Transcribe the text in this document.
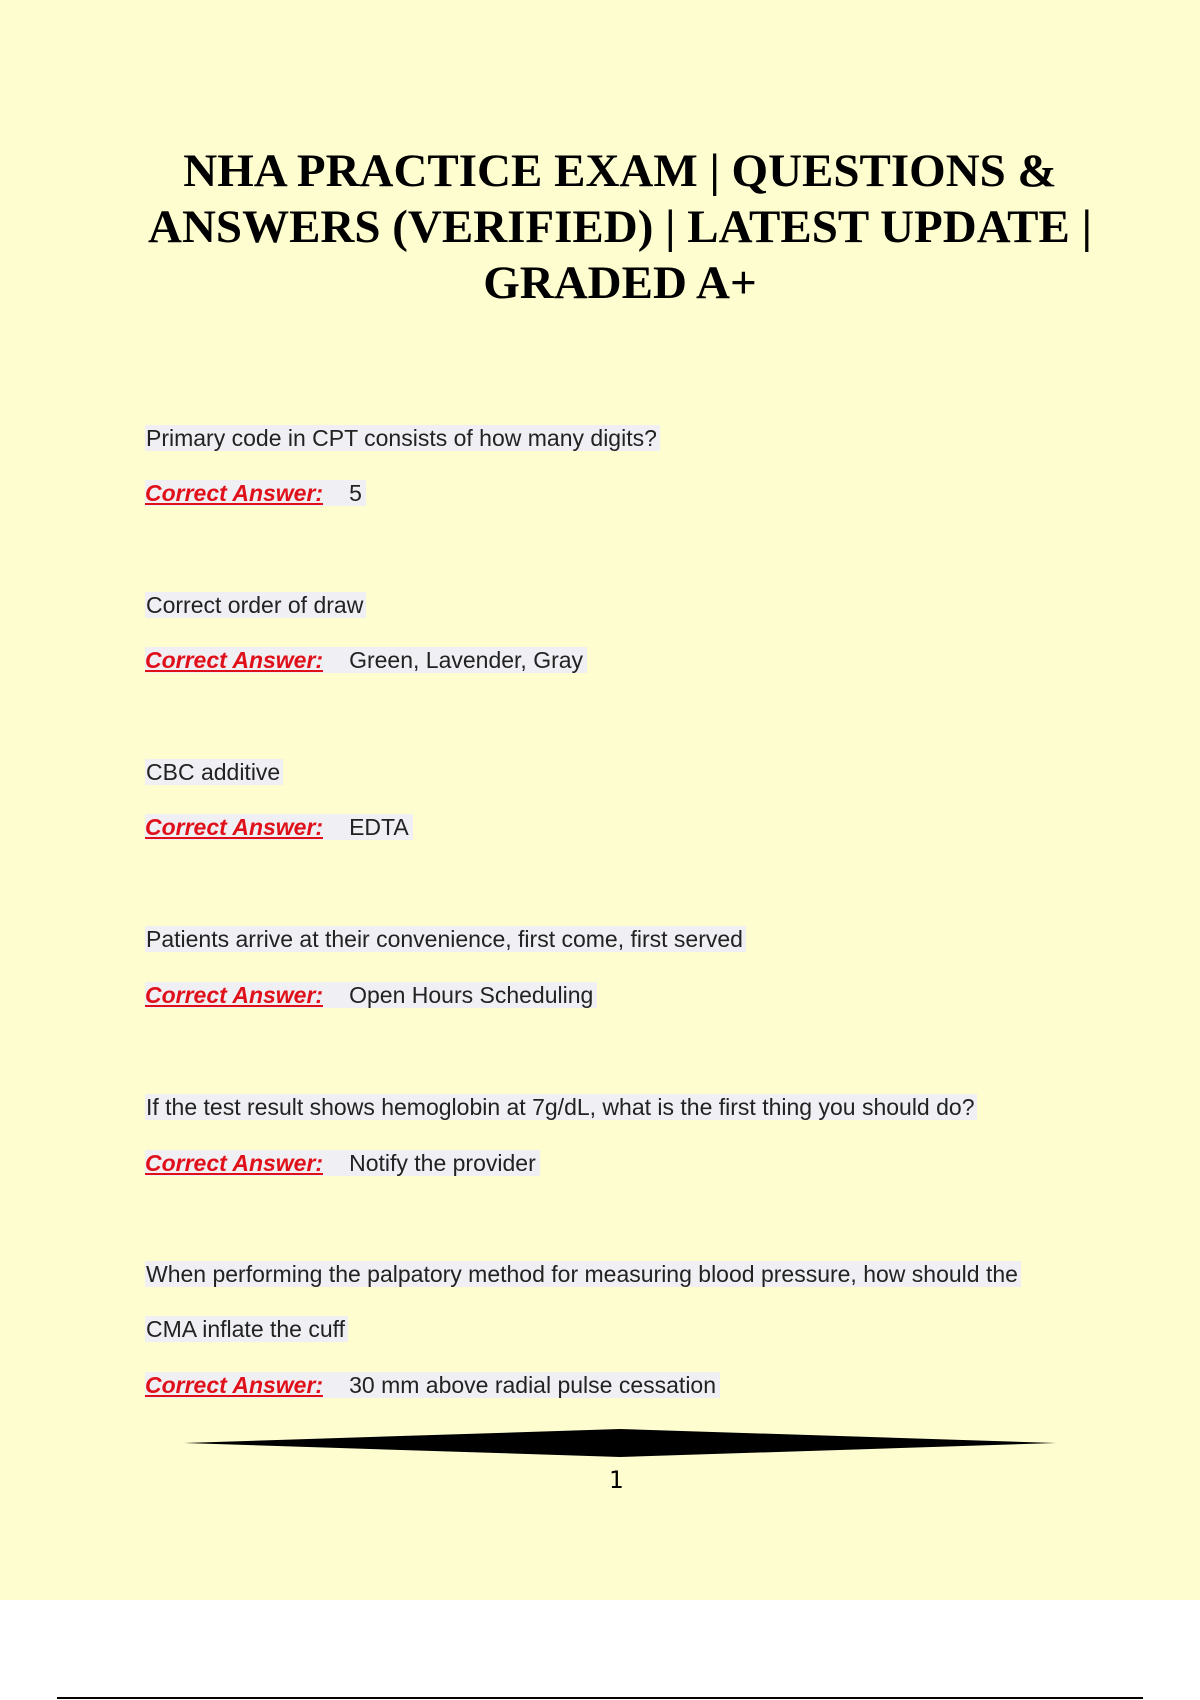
NHA PRACTICE EXAM | QUESTIONS & ANSWERS (VERIFIED) | LATEST UPDATE | GRADED A+
Primary code in CPT consists of how many digits?
Correct Answer: 5
Correct order of draw
Correct Answer: Green, Lavender, Gray
CBC additive
Correct Answer: EDTA
Patients arrive at their convenience, first come, first served
Correct Answer: Open Hours Scheduling
If the test result shows hemoglobin at 7g/dL, what is the first thing you should do?
Correct Answer: Notify the provider
When performing the palpatory method for measuring blood pressure, how should the
CMA inflate the cuff
Correct Answer: 30 mm above radial pulse cessation
1
